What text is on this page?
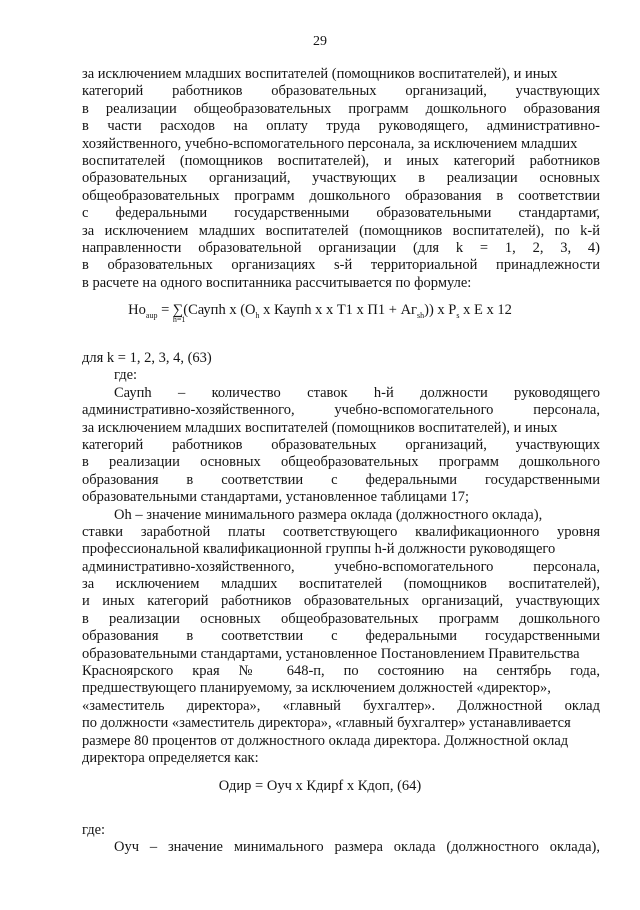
29
за исключением младших воспитателей (помощников воспитателей), и иных
категорий работников образовательных организаций, участвующих
в реализации общеобразовательных программ дошкольного образования
в части расходов на оплату труда руководящего, административно-
хозяйственного, учебно-вспомогательного персонала, за исключением младших
воспитателей (помощников воспитателей), и иных категорий работников
образовательных организаций, участвующих в реализации основных
общеобразовательных программ дошкольного образования в соответствии
с федеральными государственными образовательными стандартами,
за исключением младших воспитателей (помощников воспитателей), по k-й
направленности образовательной организации (для k = 1, 2, 3, 4)
в образовательных организациях s-й территориальной принадлежности
в расчете на одного воспитанника рассчитывается по формуле:
$Но_{аup}$ = ∑
h=1
(Саупh х ($О_h$ х Каупh х х Т1 х $П1 + Аг_{sh}$)) х $P_s$ х Е х 12
для k = 1, 2, 3, 4, (63)
где:
Саупh – количество ставок h-й должности руководящего
административно-хозяйственного, учебно-вспомогательного персонала,
за исключением младших воспитателей (помощников воспитателей), и иных
категорий работников образовательных организаций, участвующих
в реализации основных общеобразовательных программ дошкольного
образования в соответствии с федеральными государственными
образовательными стандартами, установленное таблицами 17;
Оh – значение минимального размера оклада (должностного оклада),
ставки заработной платы соответствующего квалификационного уровня
профессиональной квалификационной группы h-й должности руководящего
административно-хозяйственного, учебно-вспомогательного персонала,
за исключением младших воспитателей (помощников воспитателей),
и иных категорий работников образовательных организаций, участвующих
в реализации основных общеобразовательных программ дошкольного
образования в соответствии с федеральными государственными
образовательными стандартами, установленное Постановлением Правительства
Красноярского края № 648-п, по состоянию на сентябрь года,
предшествующего планируемому, за исключением должностей «директор»,
«заместитель директора», «главный бухгалтер». Должностной оклад
по должности «заместитель директора», «главный бухгалтер» устанавливается
размере 80 процентов от должностного оклада директора. Должностной оклад
директора определяется как:
Одир = Оуч х Кдирf х Кдоп, (64)
где:
Оуч – значение минимального размера оклада (должностного оклада),
